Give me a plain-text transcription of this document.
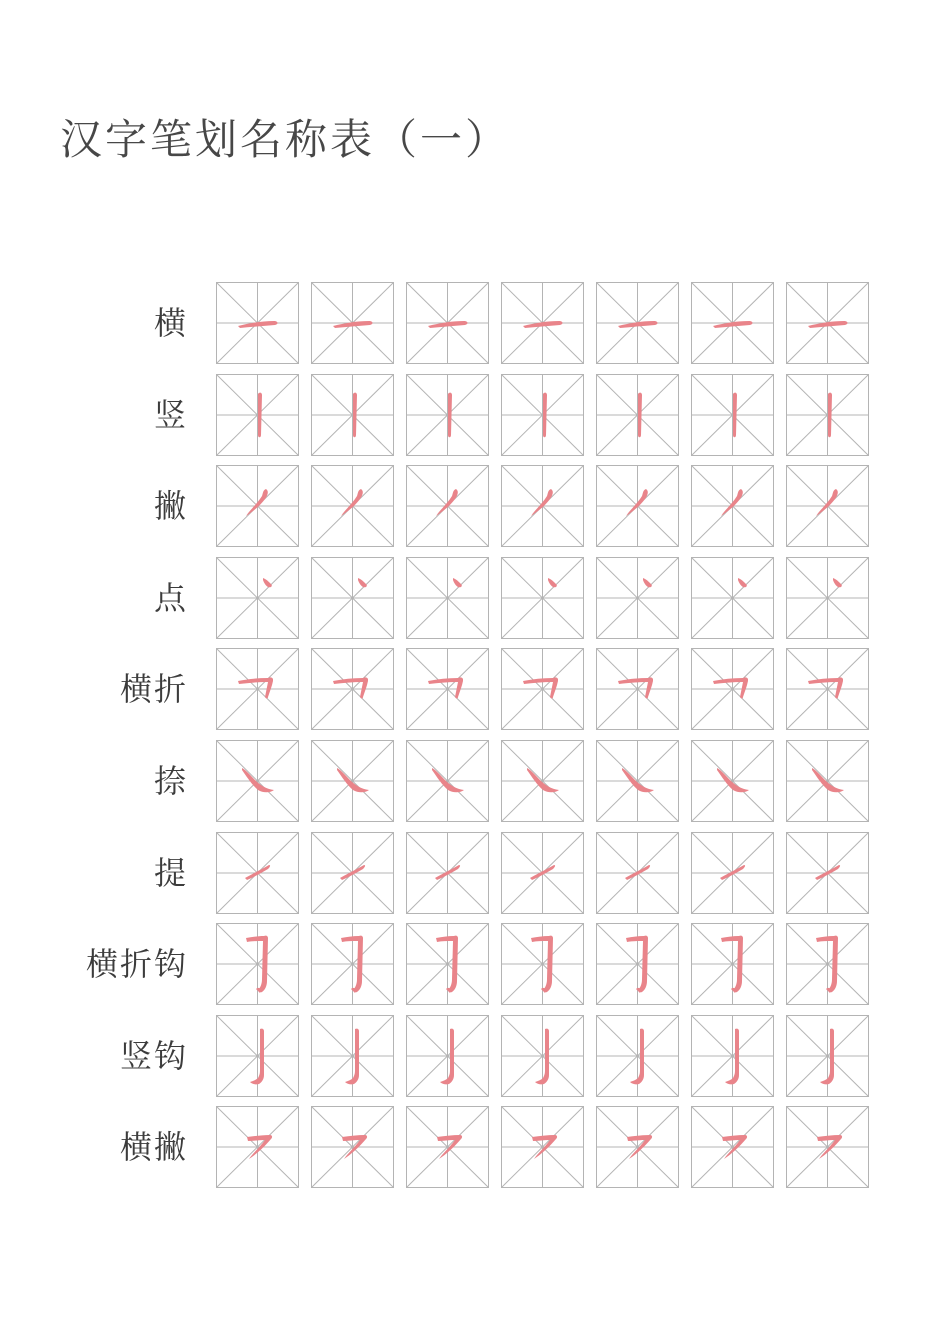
汉字笔划名称表（一）
横
竖
撇
点
横折
捺
提
横折钩
竖钩
横撇
